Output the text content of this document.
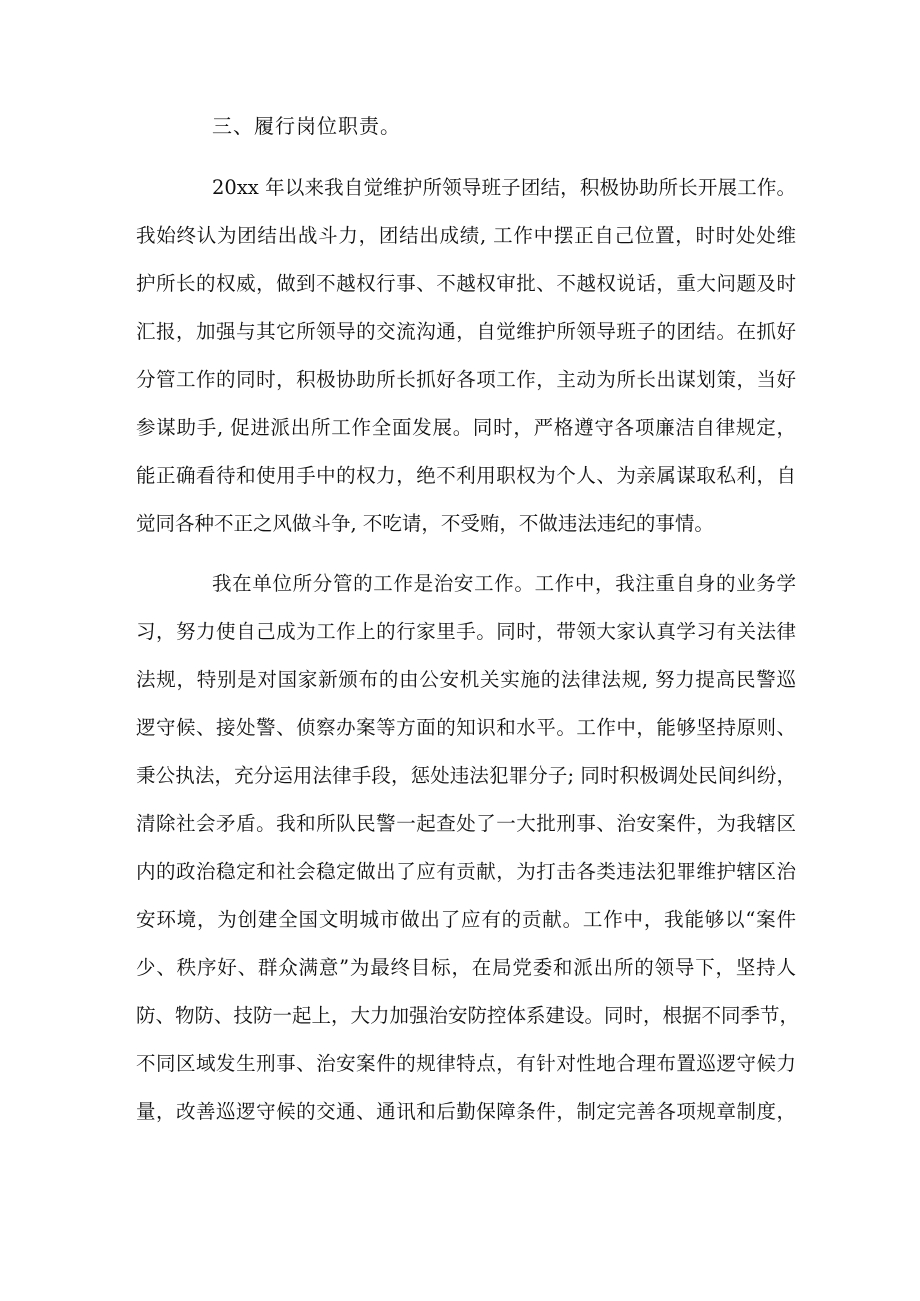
三、履行岗位职责。
20xx 年以来我自觉维护所领导班子团结，积极协助所长开展工作。
我始终认为团结出战斗力，团结出成绩, 工作中摆正自己位置，时时处处维
护所长的权威，做到不越权行事、不越权审批、不越权说话，重大问题及时
汇报，加强与其它所领导的交流沟通，自觉维护所领导班子的团结。在抓好
分管工作的同时，积极协助所长抓好各项工作，主动为所长出谋划策，当好
参谋助手, 促进派出所工作全面发展。同时，严格遵守各项廉洁自律规定，
能正确看待和使用手中的权力，绝不利用职权为个人、为亲属谋取私利，自
觉同各种不正之风做斗争, 不吃请，不受贿，不做违法违纪的事情。
我在单位所分管的工作是治安工作。工作中，我注重自身的业务学
习，努力使自己成为工作上的行家里手。同时，带领大家认真学习有关法律
法规，特别是对国家新颁布的由公安机关实施的法律法规, 努力提高民警巡
逻守候、接处警、侦察办案等方面的知识和水平。工作中，能够坚持原则、
秉公执法，充分运用法律手段，惩处违法犯罪分子; 同时积极调处民间纠纷，
清除社会矛盾。我和所队民警一起查处了一大批刑事、治安案件，为我辖区
内的政治稳定和社会稳定做出了应有贡献，为打击各类违法犯罪维护辖区治
安环境，为创建全国文明城市做出了应有的贡献。工作中，我能够以“案件
少、秩序好、群众满意”为最终目标，在局党委和派出所的领导下，坚持人
防、物防、技防一起上，大力加强治安防控体系建设。同时，根据不同季节，
不同区域发生刑事、治安案件的规律特点，有针对性地合理布置巡逻守候力
量，改善巡逻守候的交通、通讯和后勤保障条件，制定完善各项规章制度，
